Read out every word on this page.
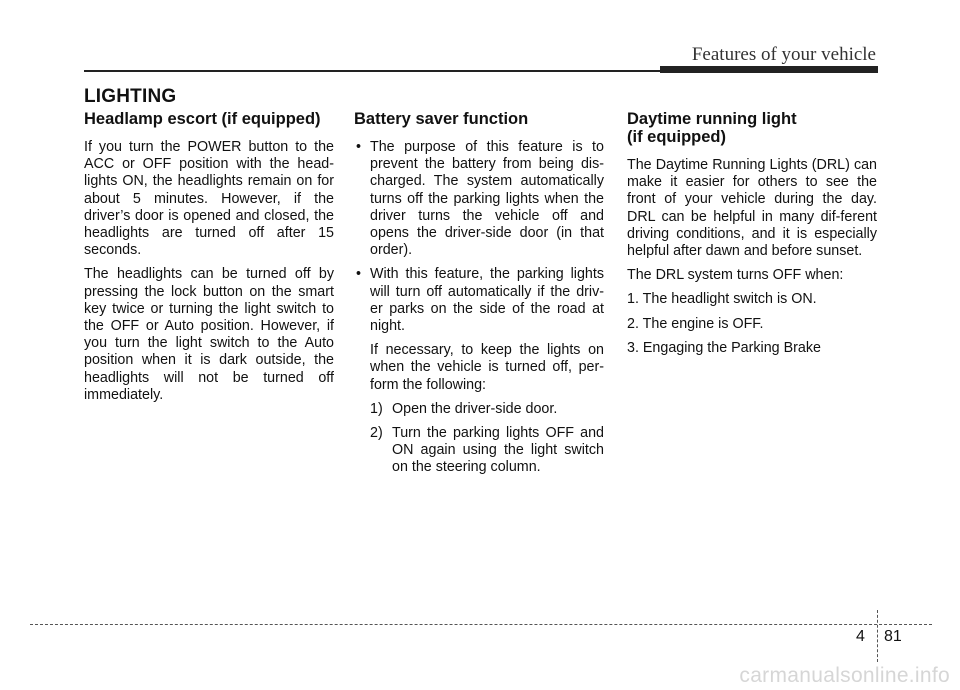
Features of your vehicle
LIGHTING
Headlamp escort (if equipped)

If you turn the POWER button to the ACC or OFF position with the head-lights ON, the headlights remain on for about 5 minutes. However, if the driver’s door is opened and closed, the headlights are turned off after 15 seconds.

The headlights can be turned off by pressing the lock button on the smart key twice or turning the light switch to the OFF or Auto position. However, if you turn the light switch to the Auto position when it is dark outside, the headlights will not be turned off immediately.

Battery saver function
• The purpose of this feature is to prevent the battery from being dis-charged. The system automatically turns off the parking lights when the driver turns the vehicle off and opens the driver-side door (in that order).
• With this feature, the parking lights will turn off automatically if the driv-er parks on the side of the road at night.
If necessary, to keep the lights on when the vehicle is turned off, per-form the following:
1) Open the driver-side door.
2) Turn the parking lights OFF and ON again using the light switch on the steering column.
Daytime running light
(if equipped)

The Daytime Running Lights (DRL) can make it easier for others to see the front of your vehicle during the day. DRL can be helpful in many dif-ferent driving conditions, and it is especially helpful after dawn and before sunset.

The DRL system turns OFF when:
1. The headlight switch is ON.
2. The engine is OFF.
3. Engaging the Parking Brake
4 81
carmanualsonline.info
